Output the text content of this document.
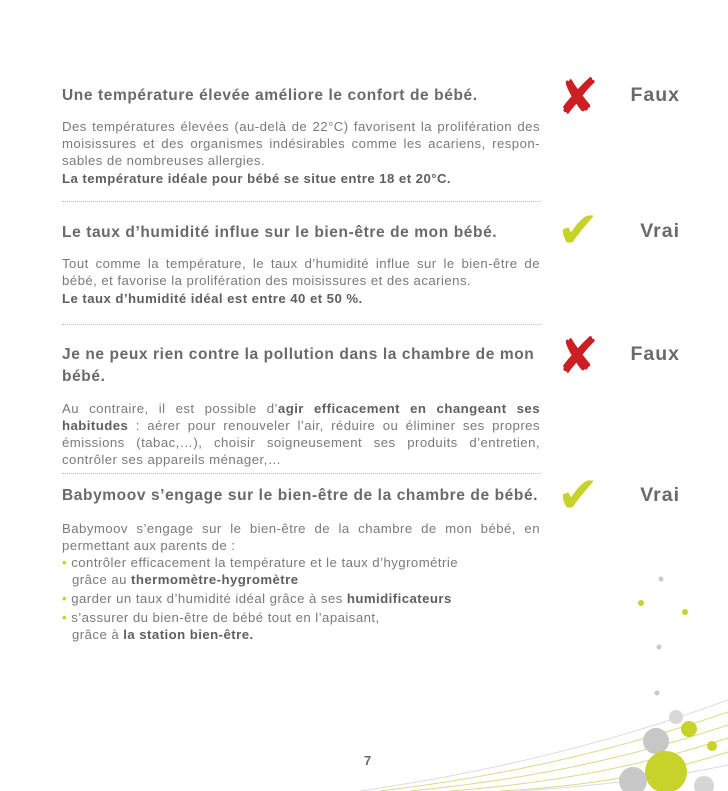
Une température élevée améliore le confort de bébé.

Des températures élevées (au-delà de 22°C) favorisent la prolifération des moisissures et des organismes indésirables comme les acariens, respon-sables de nombreuses allergies.

La température idéale pour bébé se situe entre 18 et 20°C.

✘ Faux

Le taux d’humidité influe sur le bien-être de mon bébé.

Tout comme la température, le taux d’humidité influe sur le bien-être de bébé, et favorise la prolifération des moisissures et des acariens.

Le taux d’humidité idéal est entre 40 et 50 %.

✔ Vrai

Je ne peux rien contre la pollution dans la chambre de mon bébé.

Au contraire, il est possible d’agir efficacement en changeant ses habitudes : aérer pour renouveler l’air, réduire ou éliminer ses propres émissions (tabac,…), choisir soigneusement ses produits d’entretien, contrôler ses appareils ménager,…

✘ Faux

Babymoov s’engage sur le bien-être de la chambre de bébé.

Babymoov s’engage sur le bien-être de la chambre de mon bébé, en permettant aux parents de :

• contrôler efficacement la température et le taux d’hygrométrie
grâce au thermomètre-hygromètre

• garder un taux d’humidité idéal grâce à ses humidificateurs

• s’assurer du bien-être de bébé tout en l’apaisant,
grâce à la station bien-être.

✔ Vrai
7
